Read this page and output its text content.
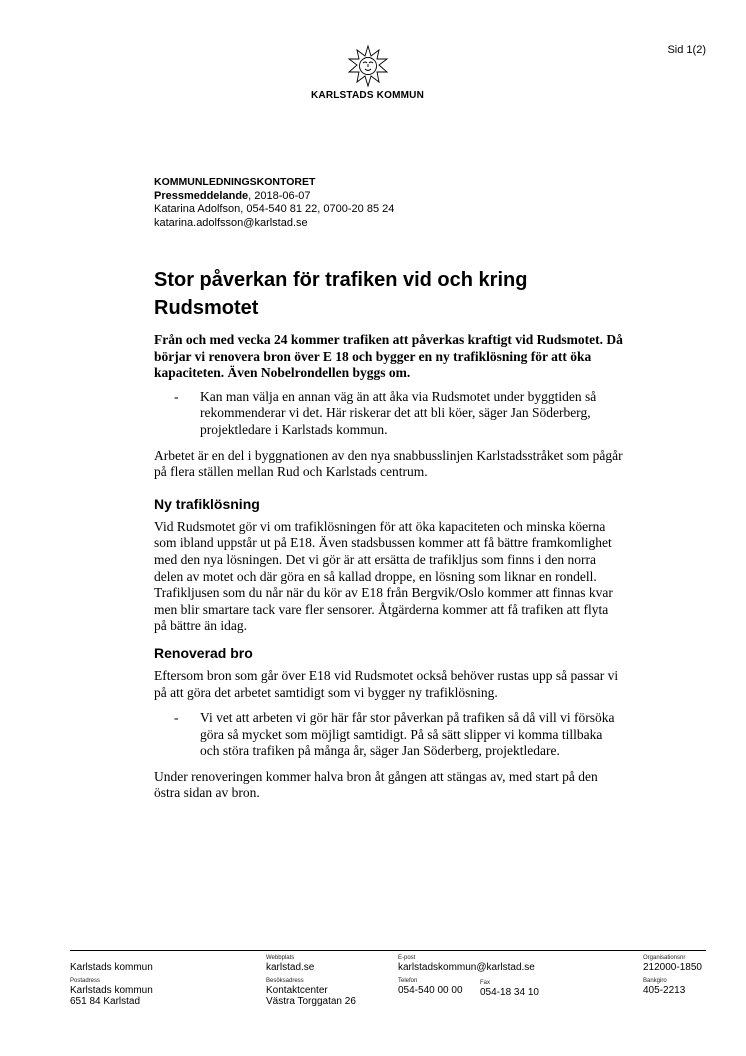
Sid 1(2)
KARLSTADS KOMMUN
KOMMUNLEDNINGSKONTORET
Pressmeddelande, 2018-06-07
Katarina Adolfson, 054-540 81 22, 0700-20 85 24
katarina.adolfsson@karlstad.se
Stor påverkan för trafiken vid och kring Rudsmotet
Från och med vecka 24 kommer trafiken att påverkas kraftigt vid Rudsmotet. Då börjar vi renovera bron över E 18 och bygger en ny trafiklösning för att öka kapaciteten. Även Nobelrondellen byggs om.
- Kan man välja en annan väg än att åka via Rudsmotet under byggtiden så rekommenderar vi det. Här riskerar det att bli köer, säger Jan Söderberg, projektledare i Karlstads kommun.

Arbetet är en del i byggnationen av den nya snabbusslinjen Karlstadsstråket som pågår på flera ställen mellan Rud och Karlstads centrum.

Ny trafiklösning

Vid Rudsmotet gör vi om trafiklösningen för att öka kapaciteten och minska köerna som ibland uppstår ut på E18. Även stadsbussen kommer att få bättre framkomlighet med den nya lösningen. Det vi gör är att ersätta de trafikljus som finns i den norra delen av motet och där göra en så kallad droppe, en lösning som liknar en rondell. Trafikljusen som du når när du kör av E18 från Bergvik/Oslo kommer att finnas kvar men blir smartare tack vare fler sensorer. Åtgärderna kommer att få trafiken att flyta på bättre än idag.

Renoverad bro

Eftersom bron som går över E18 vid Rudsmotet också behöver rustas upp så passar vi på att göra det arbetet samtidigt som vi bygger ny trafiklösning.

- Vi vet att arbeten vi gör här får stor påverkan på trafiken så då vill vi försöka göra så mycket som möjligt samtidigt. På så sätt slipper vi komma tillbaka och störa trafiken på många år, säger Jan Söderberg, projektledare.

Under renoveringen kommer halva bron åt gången att stängas av, med start på den östra sidan av bron.

Karlstads kommun
Postadress
Karlstads kommun
651 84 Karlstad
Webbplats
karlstad.se
Besöksadress
Kontaktcenter
Västra Torggatan 26
E-post
karlstadskommun@karlstad.se
Telefon
054-540 00 00
Fax
054-18 34 10
Organisationsnr
212000-1850
Bankgiro
405-2213
